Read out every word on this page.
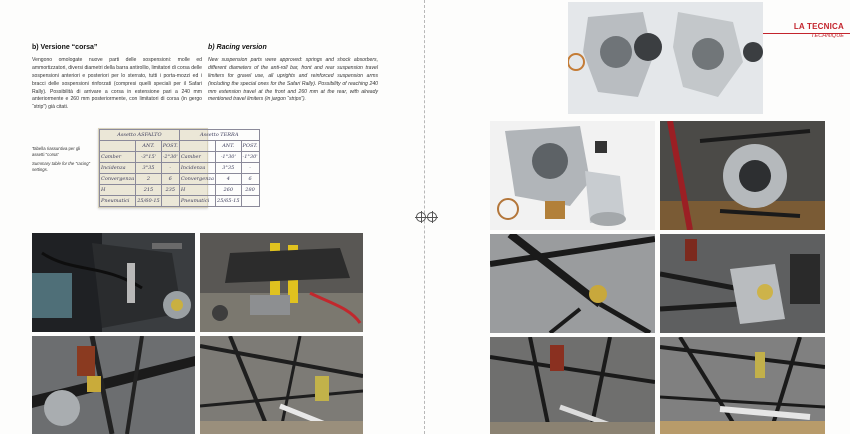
b) Versione “corsa”

Vengono omologate nuove parti delle sospensioni: molle ed ammortizzatori, diversi diametri della barra antirollio, limitatori di corsa delle sospensioni anteriori e posteriori per lo sterrato, tutti i porta-mozzi ed i bracci delle sospensioni rinforzati (compresi quelli speciali per il Safari Rally). Possibilità di arrivare a corsa in estensione pari a 240 mm anteriormente e 260 mm posteriormente, con limitatori di corsa (in gergo “strip”) già citati.

b) Racing version

New suspension parts were approved: springs and shock absorbers, different diameters of the anti-roll bar, front and rear suspension travel limiters for gravel use, all uprights and reinforced suspension arms (including the special ones for the Safari Rally). Possibility of reaching 240 mm extension travel at the front and 260 mm at the rear, with already mentioned travel limiters (in jargon “strips”).

Tabella riassuntiva per gli assetti “corsa”
Summary table for the “racing” settings.
Assetto ASFALTO			Assetto TERRA		
	ANT.	POST.		ANT.	POST.
Camber	-3°15'	-2°30'	Camber	-1°30'	-1°30'
Incidenza	3°35	-	Incidenza	3°35	-
Convergenza	2	6	Convergenza	4	6
H	215	235	H	260	280
Pneumatici	25/60-15		Pneumatici	25/65-15	
LA TECNICA
TECHNIQUE
